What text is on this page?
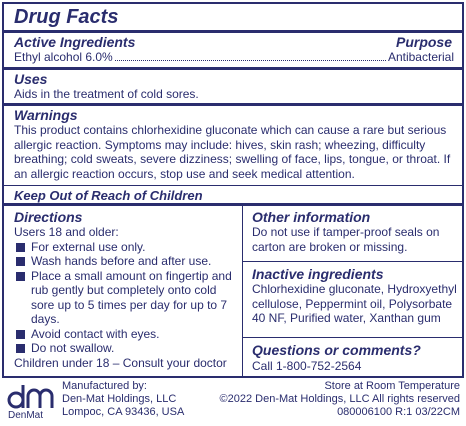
Drug Facts
Active Ingredients	Purpose
Ethyl alcohol 6.0%	Antibacterial
Uses
Aids in the treatment of cold sores.
Warnings
This product contains chlorhexidine gluconate which can cause a rare but serious allergic reaction. Symptoms may include: hives, skin rash; wheezing, difficulty breathing; cold sweats, severe dizziness; swelling of face, lips, tongue, or throat. If an allergic reaction occurs, stop use and seek medical attention.
Keep Out of Reach of Children
Directions
Users 18 and older:
For external use only.
Wash hands before and after use.
Place a small amount on fingertip and rub gently but completely onto cold sore up to 5 times per day for up to 7 days.
Avoid contact with eyes.
Do not swallow.
Children under 18 – Consult your doctor
Other information
Do not use if tamper-proof seals on carton are broken or missing.
Inactive ingredients
Chlorhexidine gluconate, Hydroxyethyl cellulose, Peppermint oil, Polysorbate 40 NF, Purified water, Xanthan gum
Questions or comments?
Call 1-800-752-2564
DenMat
Manufactured by:
Den-Mat Holdings, LLC
Lompoc, CA 93436, USA
Store at Room Temperature
©2022 Den-Mat Holdings, LLC All rights reserved
080006100 R:1 03/22CM
